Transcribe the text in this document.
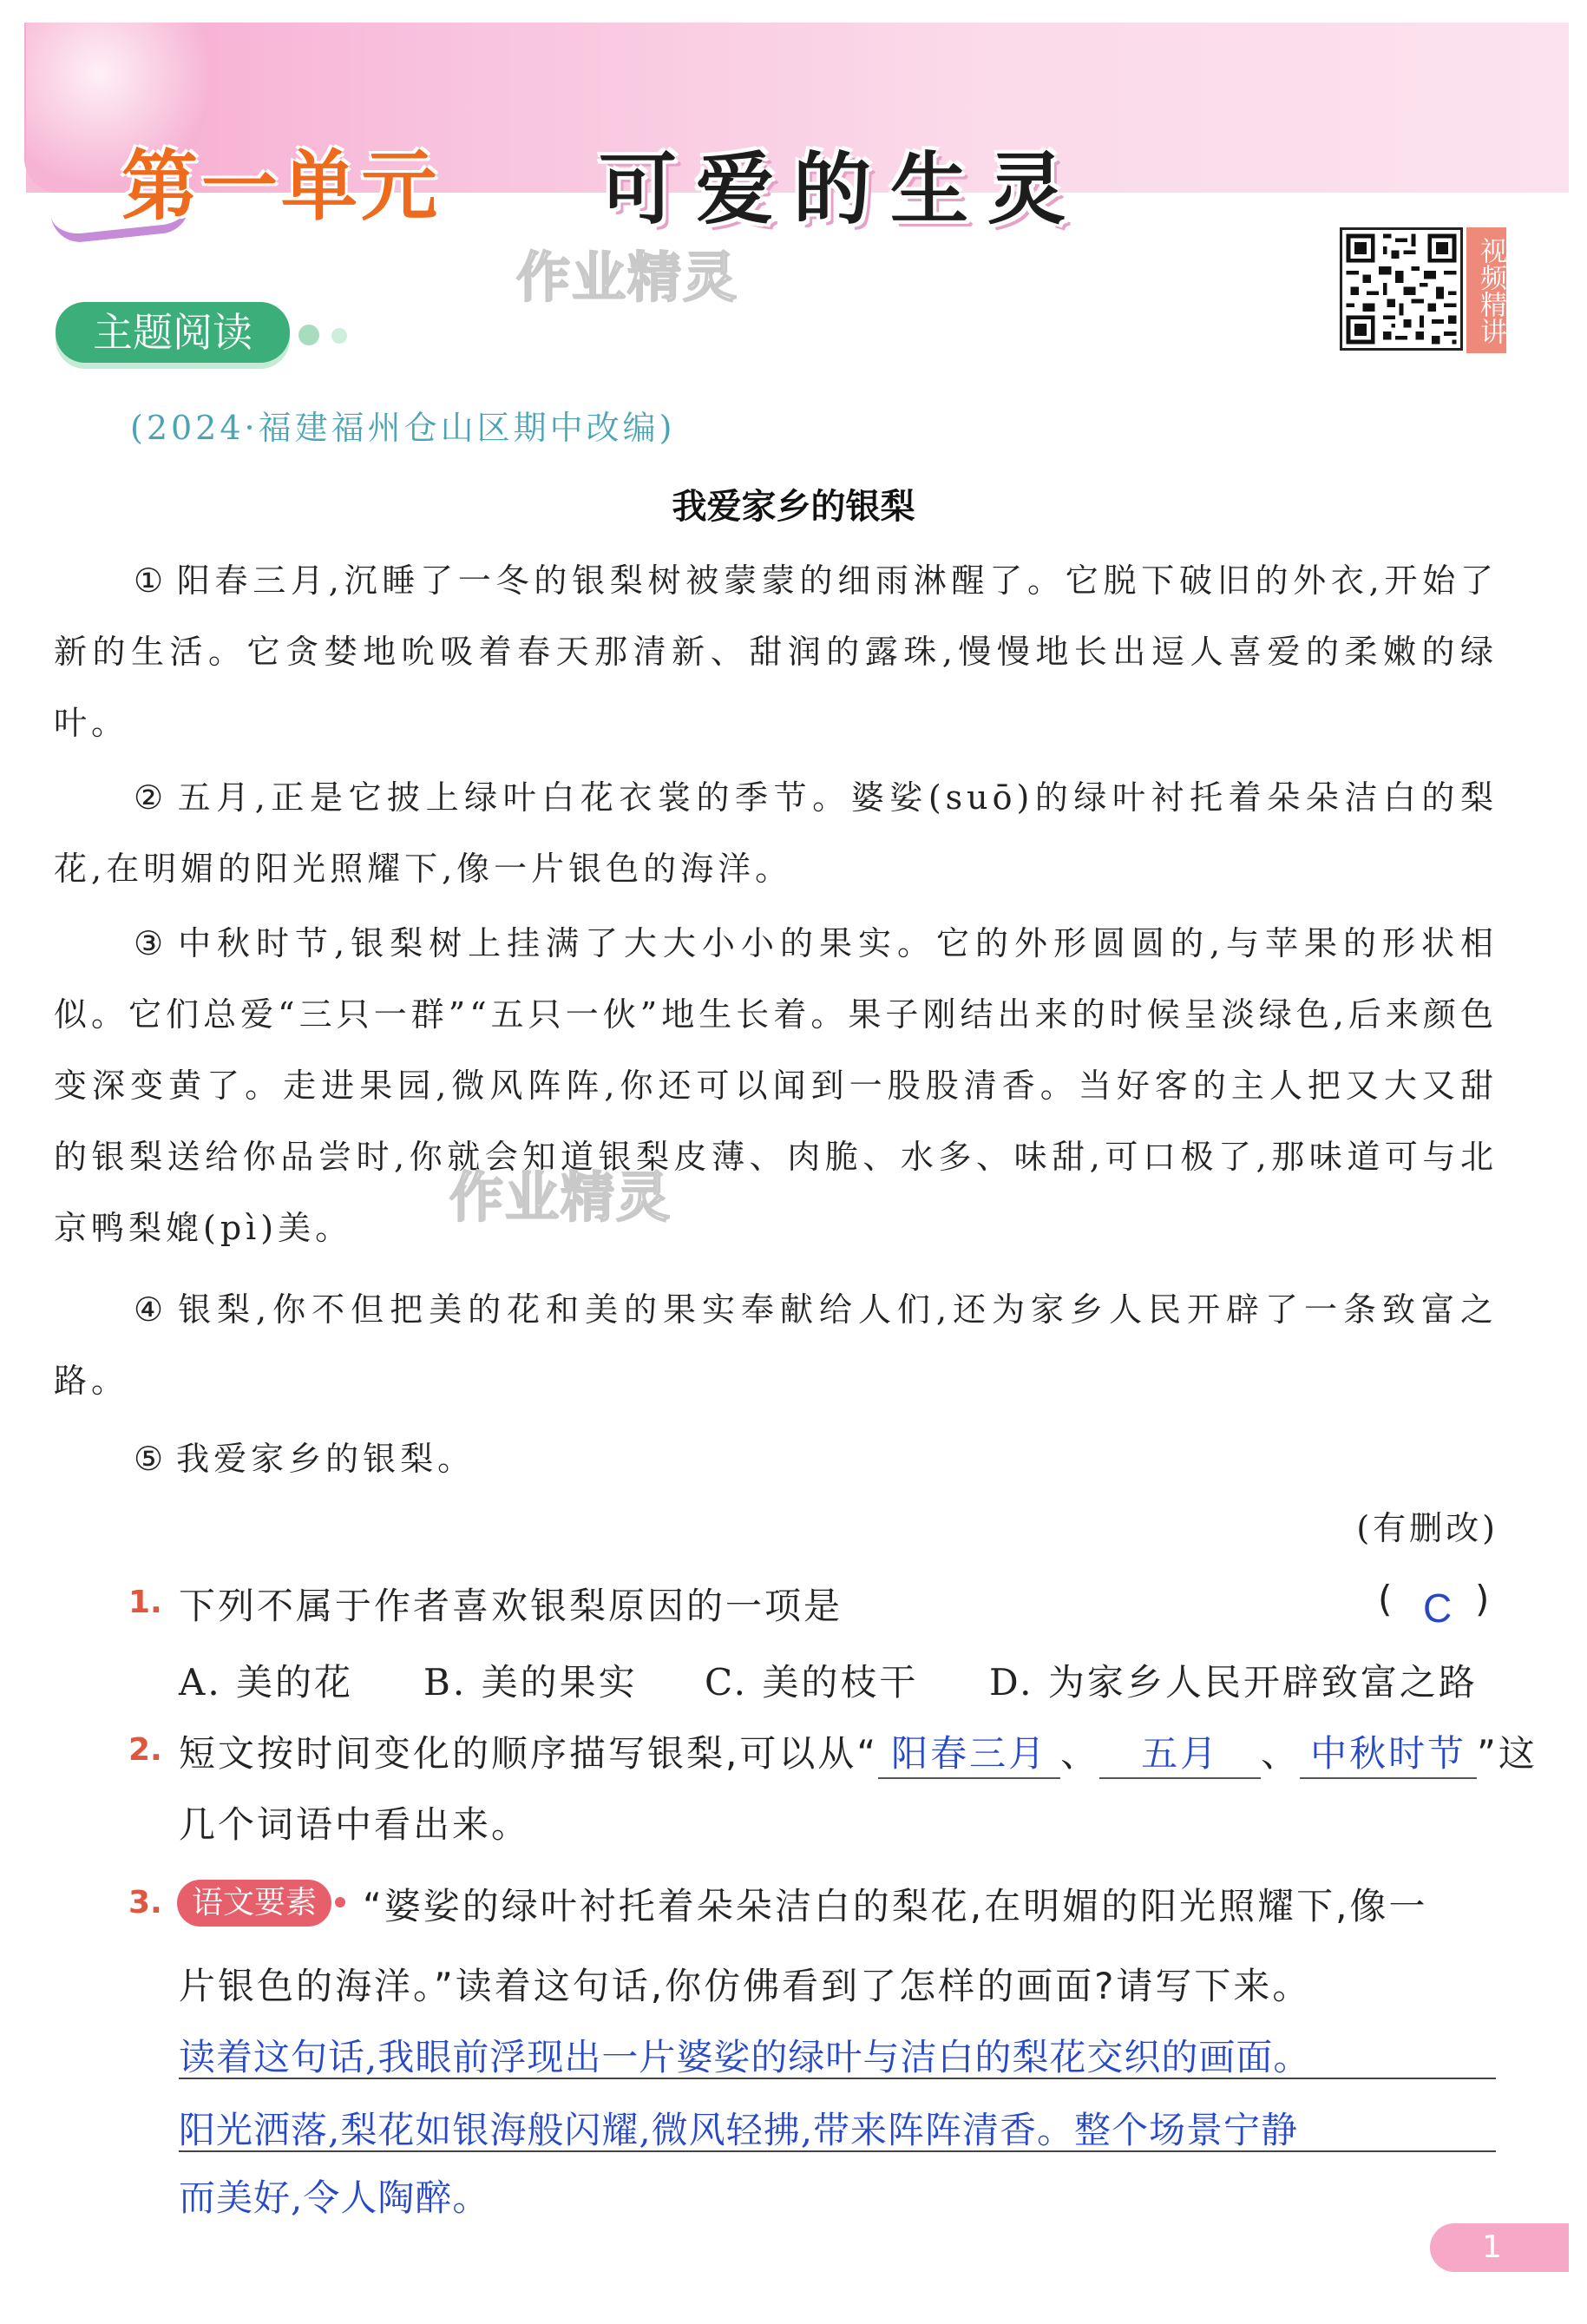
第一单元 可爱的生灵
作业精灵	视频精讲
主题阅读
(2024·福建福州仓山区期中改编)
我爱家乡的银梨
① 阳春三月,沉睡了一冬的银梨树被蒙蒙的细雨淋醒了。它脱下破旧的外衣,开始了新的生活。它贪婪地吮吸着春天那清新、甜润的露珠,慢慢地长出逗人喜爱的柔嫩的绿叶。
② 五月,正是它披上绿叶白花衣裳的季节。婆娑(suō)的绿叶衬托着朵朵洁白的梨花,在明媚的阳光照耀下,像一片银色的海洋。
③ 中秋时节,银梨树上挂满了大大小小的果实。它的外形圆圆的,与苹果的形状相似。它们总爱“三只一群”“五只一伙”地生长着。果子刚结出来的时候呈淡绿色,后来颜色变深变黄了。走进果园,微风阵阵,你还可以闻到一股股清香。当好客的主人把又大又甜的银梨送给你品尝时,你就会知道银梨皮薄、肉脆、水多、味甜,可口极了,那味道可与北京鸭梨媲(pì)美。
④ 银梨,你不但把美的花和美的果实奉献给人们,还为家乡人民开辟了一条致富之路。
⑤ 我爱家乡的银梨。
作业精灵
(有删改)
1. 下列不属于作者喜欢银梨原因的一项是	( C )
A. 美的花 B. 美的果实 C. 美的枝干 D. 为家乡人民开辟致富之路
2. 短文按时间变化的顺序描写银梨,可以从“ 阳春三月 、 五月 、 中秋时节 ”这
几个词语中看出来。
3. 语文要素	“婆娑的绿叶衬托着朵朵洁白的梨花,在明媚的阳光照耀下,像一
片银色的海洋。”读着这句话,你仿佛看到了怎样的画面?请写下来。
读着这句话,我眼前浮现出一片婆娑的绿叶与洁白的梨花交织的画面。
阳光洒落,梨花如银海般闪耀,微风轻拂,带来阵阵清香。整个场景宁静
而美好,令人陶醉。
1
